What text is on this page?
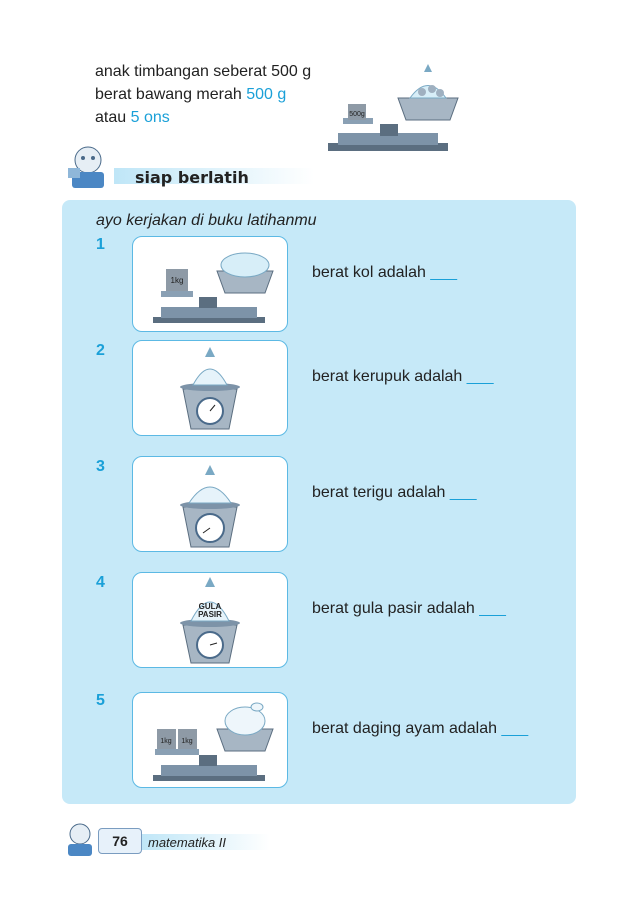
anak timbangan seberat 500 g
berat bawang merah 500 g
atau 5 ons	500g
siap berlatih
ayo kerjakan di buku latihanmu
1
1kg	berat kol adalah ___
2
berat kerupuk adalah ___
3
berat terigu adalah ___
4
GULA
PASIR	berat gula pasir adalah ___
5
1kg 1kg
berat daging ayam adalah ___
76	matematika II
